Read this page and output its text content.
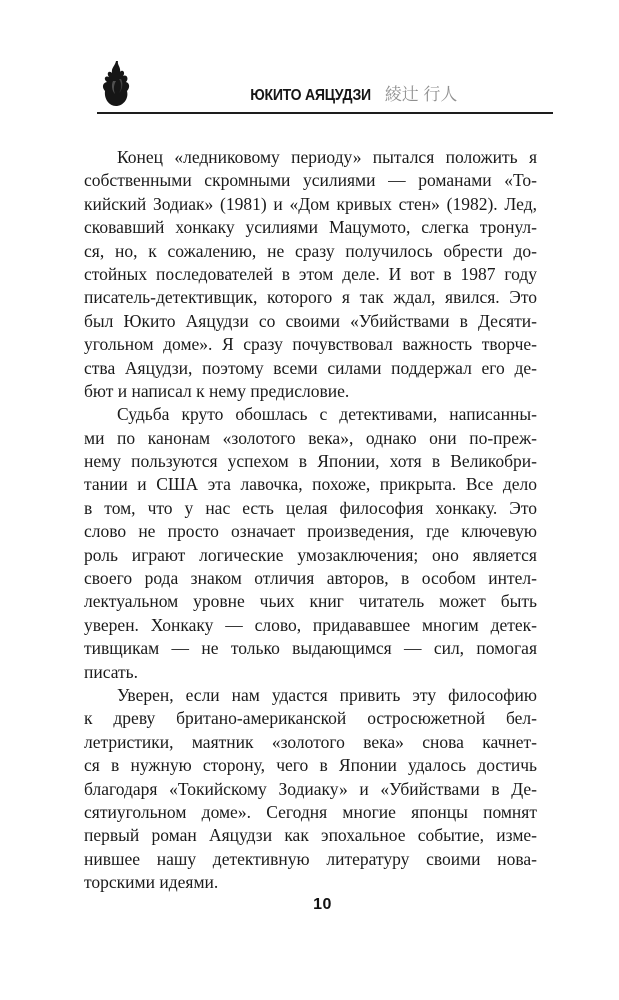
ЮКИТО АЯЦУДЗИ 綾辻 行人
Конец «ледниковому периоду» пытался положить я
собственными скромными усилиями — романами «То-
кийский Зодиак» (1981) и «Дом кривых стен» (1982). Лед,
сковавший хонкаку усилиями Мацумото, слегка тронул-
ся, но, к сожалению, не сразу получилось обрести до-
стойных последователей в этом деле. И вот в 1987 году
писатель-детективщик, которого я так ждал, явился. Это
был Юкито Аяцудзи со своими «Убийствами в Десяти-
угольном доме». Я сразу почувствовал важность творче-
ства Аяцудзи, поэтому всеми силами поддержал его де-
бют и написал к нему предисловие.
Судьба круто обошлась с детективами, написанны-
ми по канонам «золотого века», однако они по-преж-
нему пользуются успехом в Японии, хотя в Великобри-
тании и США эта лавочка, похоже, прикрыта. Все дело
в том, что у нас есть целая философия хонкаку. Это
слово не просто означает произведения, где ключевую
роль играют логические умозаключения; оно является
своего рода знаком отличия авторов, в особом интел-
лектуальном уровне чьих книг читатель может быть
уверен. Хонкаку — слово, придававшее многим детек-
тивщикам — не только выдающимся — сил, помогая
писать.
Уверен, если нам удастся привить эту философию
к древу британо-американской остросюжетной бел-
летристики, маятник «золотого века» снова качнет-
ся в нужную сторону, чего в Японии удалось достичь
благодаря «Токийскому Зодиаку» и «Убийствами в Де-
сятиугольном доме». Сегодня многие японцы помнят
первый роман Аяцудзи как эпохальное событие, изме-
нившее нашу детективную литературу своими нова-
торскими идеями.
10
